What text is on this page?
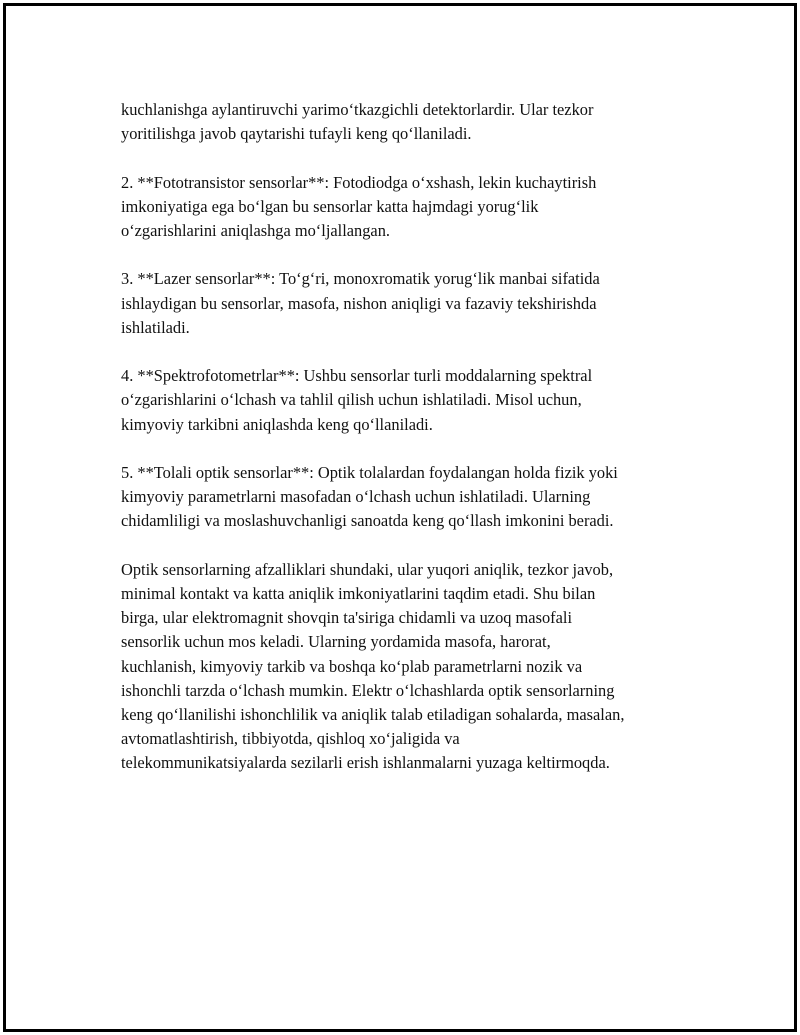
kuchlanishga aylantiruvchi yarimo‘tkazgichli detektorlardir. Ular tezkor
yoritilishga javob qaytarishi tufayli keng qo‘llaniladi.

2. **Fototransistor sensorlar**: Fotodiodga o‘xshash, lekin kuchaytirish
imkoniyatiga ega bo‘lgan bu sensorlar katta hajmdagi yorug‘lik
o‘zgarishlarini aniqlashga mo‘ljallangan.

3. **Lazer sensorlar**: To‘g‘ri, monoxromatik yorug‘lik manbai sifatida
ishlaydigan bu sensorlar, masofa, nishon aniqligi va fazaviy tekshirishda
ishlatiladi.

4. **Spektrofotometrlar**: Ushbu sensorlar turli moddalarning spektral
o‘zgarishlarini o‘lchash va tahlil qilish uchun ishlatiladi. Misol uchun,
kimyoviy tarkibni aniqlashda keng qo‘llaniladi.

5. **Tolali optik sensorlar**: Optik tolalardan foydalangan holda fizik yoki
kimyoviy parametrlarni masofadan o‘lchash uchun ishlatiladi. Ularning
chidamliligi va moslashuvchanligi sanoatda keng qo‘llash imkonini beradi.

Optik sensorlarning afzalliklari shundaki, ular yuqori aniqlik, tezkor javob,
minimal kontakt va katta aniqlik imkoniyatlarini taqdim etadi. Shu bilan
birga, ular elektromagnit shovqin ta'siriga chidamli va uzoq masofali
sensorlik uchun mos keladi. Ularning yordamida masofa, harorat,
kuchlanish, kimyoviy tarkib va boshqa ko‘plab parametrlarni nozik va
ishonchli tarzda o‘lchash mumkin. Elektr o‘lchashlarda optik sensorlarning
keng qo‘llanilishi ishonchlilik va aniqlik talab etiladigan sohalarda, masalan,
avtomatlashtirish, tibbiyotda, qishloq xo‘jaligida va
telekommunikatsiyalarda sezilarli erish ishlanmalarni yuzaga keltirmoqda.
